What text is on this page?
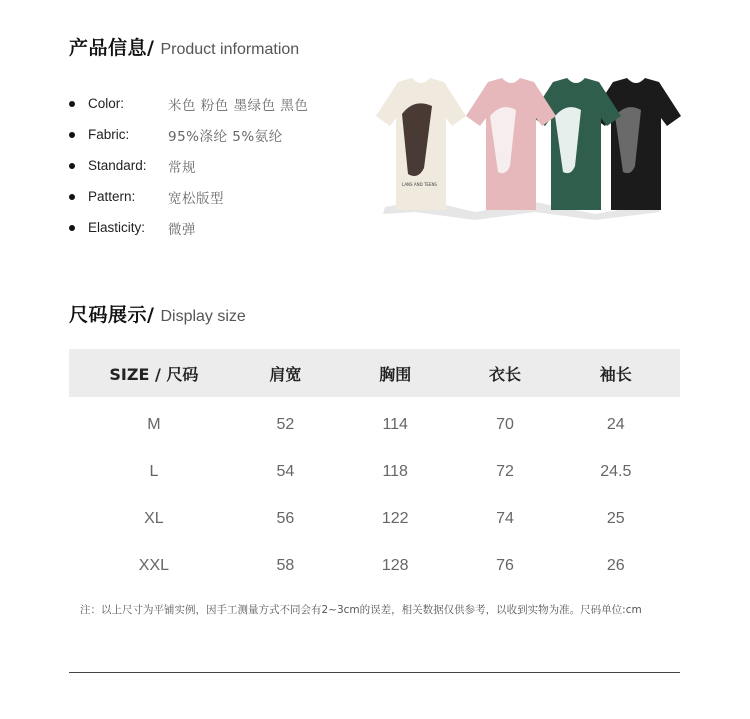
产品信息/ Product information
Color:	米色 粉色 墨绿色 黑色
Fabric:	95%涤纶 5%氨纶
Standard:	常规
Pattern:	宽松版型
Elasticity:	微弹
LANS AND TEENS
尺码展示/ Display size
SIZE / 尺码	肩宽	胸围	衣长	袖长
M	52	114	70	24
L	54	118	72	24.5
XL	56	122	74	25
XXL	58	128	76	26
注：以上尺寸为平铺实例，因手工测量方式不同会有2~3cm的误差，相关数据仅供参考，以收到实物为准。尺码单位:cm
